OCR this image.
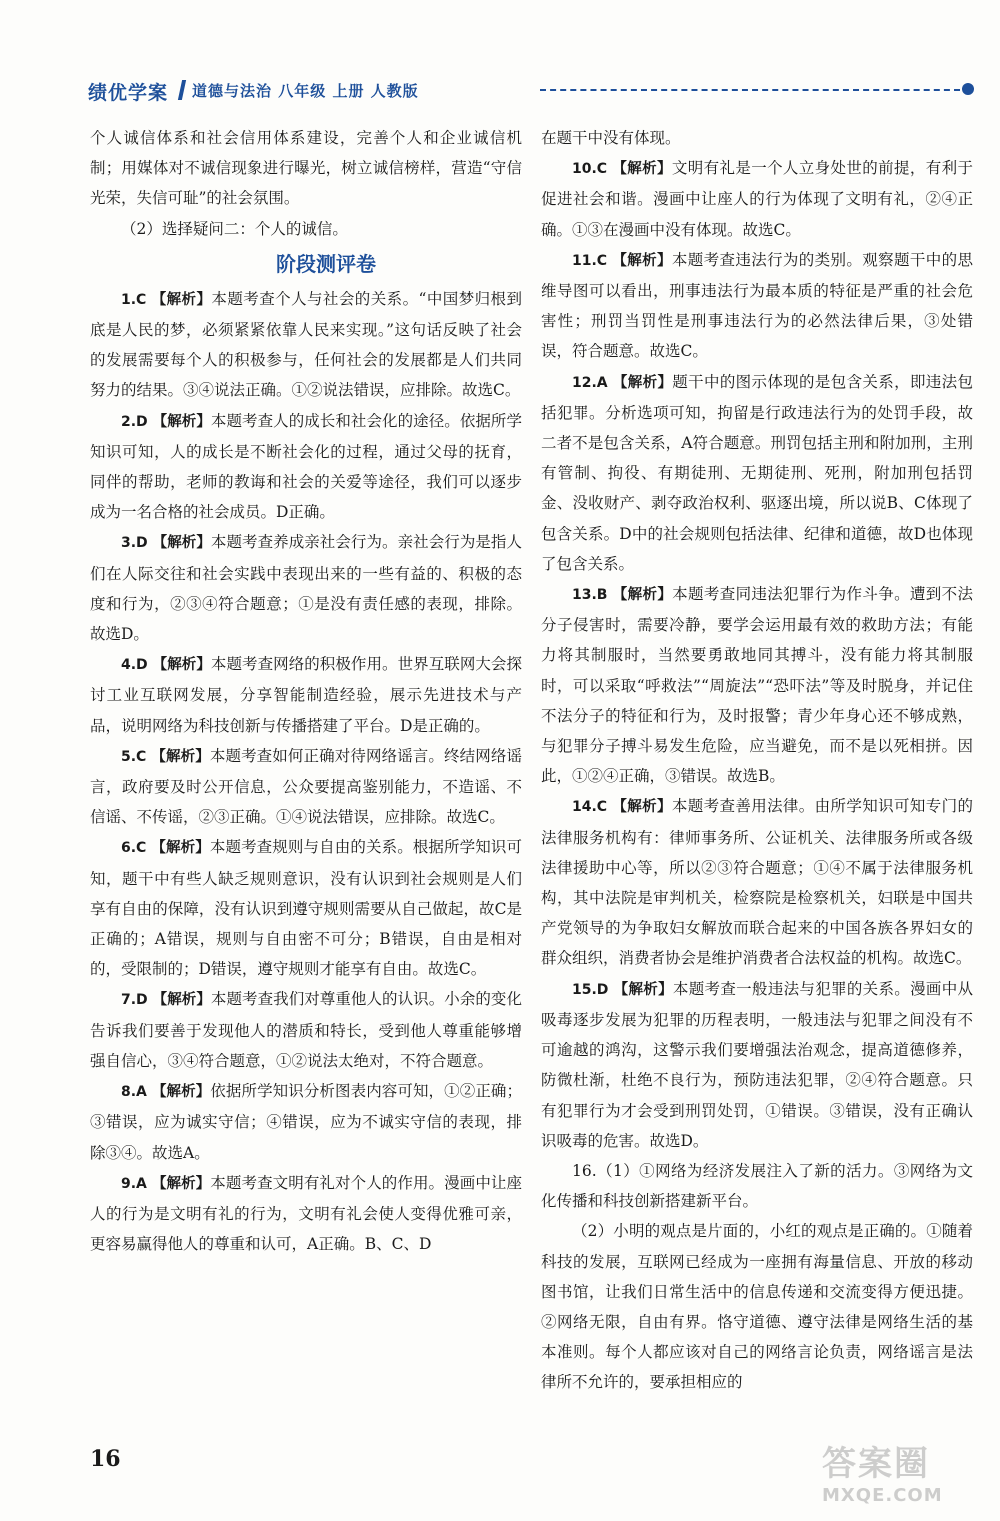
绩优学案 道德与法治 八年级 上册 人教版

个人诚信体系和社会信用体系建设，完善个人和企业诚信机制；用媒体对不诚信现象进行曝光，树立诚信榜样，营造“守信光荣，失信可耻”的社会氛围。

（2）选择疑问二：个人的诚信。

阶段测评卷

1.C 【解析】本题考查个人与社会的关系。“中国梦归根到底是人民的梦，必须紧紧依靠人民来实现。”这句话反映了社会的发展需要每个人的积极参与，任何社会的发展都是人们共同努力的结果。③④说法正确。①②说法错误，应排除。故选C。

2.D 【解析】本题考查人的成长和社会化的途径。依据所学知识可知，人的成长是不断社会化的过程，通过父母的抚育，同伴的帮助，老师的教诲和社会的关爱等途径，我们可以逐步成为一名合格的社会成员。D正确。

3.D 【解析】本题考查养成亲社会行为。亲社会行为是指人们在人际交往和社会实践中表现出来的一些有益的、积极的态度和行为，②③④符合题意；①是没有责任感的表现，排除。故选D。

4.D 【解析】本题考查网络的积极作用。世界互联网大会探讨工业互联网发展，分享智能制造经验，展示先进技术与产品，说明网络为科技创新与传播搭建了平台。D是正确的。

5.C 【解析】本题考查如何正确对待网络谣言。终结网络谣言，政府要及时公开信息，公众要提高鉴别能力，不造谣、不信谣、不传谣，②③正确。①④说法错误，应排除。故选C。

6.C 【解析】本题考查规则与自由的关系。根据所学知识可知，题干中有些人缺乏规则意识，没有认识到社会规则是人们享有自由的保障，没有认识到遵守规则需要从自己做起，故C是正确的；A错误，规则与自由密不可分；B错误，自由是相对的，受限制的；D错误，遵守规则才能享有自由。故选C。

7.D 【解析】本题考查我们对尊重他人的认识。小余的变化告诉我们要善于发现他人的潜质和特长，受到他人尊重能够增强自信心，③④符合题意，①②说法太绝对，不符合题意。

8.A 【解析】依据所学知识分析图表内容可知，①②正确；③错误，应为诚实守信；④错误，应为不诚实守信的表现，排除③④。故选A。

9.A 【解析】本题考查文明有礼对个人的作用。漫画中让座人的行为是文明有礼的行为，文明有礼会使人变得优雅可亲，更容易赢得他人的尊重和认可，A正确。B、C、D

在题干中没有体现。

10.C 【解析】文明有礼是一个人立身处世的前提，有利于促进社会和谐。漫画中让座人的行为体现了文明有礼，②④正确。①③在漫画中没有体现。故选C。

11.C 【解析】本题考查违法行为的类别。观察题干中的思维导图可以看出，刑事违法行为最本质的特征是严重的社会危害性；刑罚当罚性是刑事违法行为的必然法律后果，③处错误，符合题意。故选C。

12.A 【解析】题干中的图示体现的是包含关系，即违法包括犯罪。分析选项可知，拘留是行政违法行为的处罚手段，故二者不是包含关系，A符合题意。刑罚包括主刑和附加刑，主刑有管制、拘役、有期徒刑、无期徒刑、死刑，附加刑包括罚金、没收财产、剥夺政治权利、驱逐出境，所以说B、C体现了包含关系。D中的社会规则包括法律、纪律和道德，故D也体现了包含关系。

13.B 【解析】本题考查同违法犯罪行为作斗争。遭到不法分子侵害时，需要冷静，要学会运用最有效的救助方法；有能力将其制服时，当然要勇敢地同其搏斗，没有能力将其制服时，可以采取“呼救法”“周旋法”“恐吓法”等及时脱身，并记住不法分子的特征和行为，及时报警；青少年身心还不够成熟，与犯罪分子搏斗易发生危险，应当避免，而不是以死相拼。因此，①②④正确，③错误。故选B。

14.C 【解析】本题考查善用法律。由所学知识可知专门的法律服务机构有：律师事务所、公证机关、法律服务所或各级法律援助中心等，所以②③符合题意；①④不属于法律服务机构，其中法院是审判机关，检察院是检察机关，妇联是中国共产党领导的为争取妇女解放而联合起来的中国各族各界妇女的群众组织，消费者协会是维护消费者合法权益的机构。故选C。

15.D 【解析】本题考查一般违法与犯罪的关系。漫画中从吸毒逐步发展为犯罪的历程表明，一般违法与犯罪之间没有不可逾越的鸿沟，这警示我们要增强法治观念，提高道德修养，防微杜渐，杜绝不良行为，预防违法犯罪，②④符合题意。只有犯罪行为才会受到刑罚处罚，①错误。③错误，没有正确认识吸毒的危害。故选D。

16.（1）①网络为经济发展注入了新的活力。③网络为文化传播和科技创新搭建新平台。

（2）小明的观点是片面的，小红的观点是正确的。①随着科技的发展，互联网已经成为一座拥有海量信息、开放的移动图书馆，让我们日常生活中的信息传递和交流变得方便迅捷。②网络无限，自由有界。恪守道德、遵守法律是网络生活的基本准则。每个人都应该对自己的网络言论负责，网络谣言是法律所不允许的，要承担相应的

16	答案圈
MXQE.COM
